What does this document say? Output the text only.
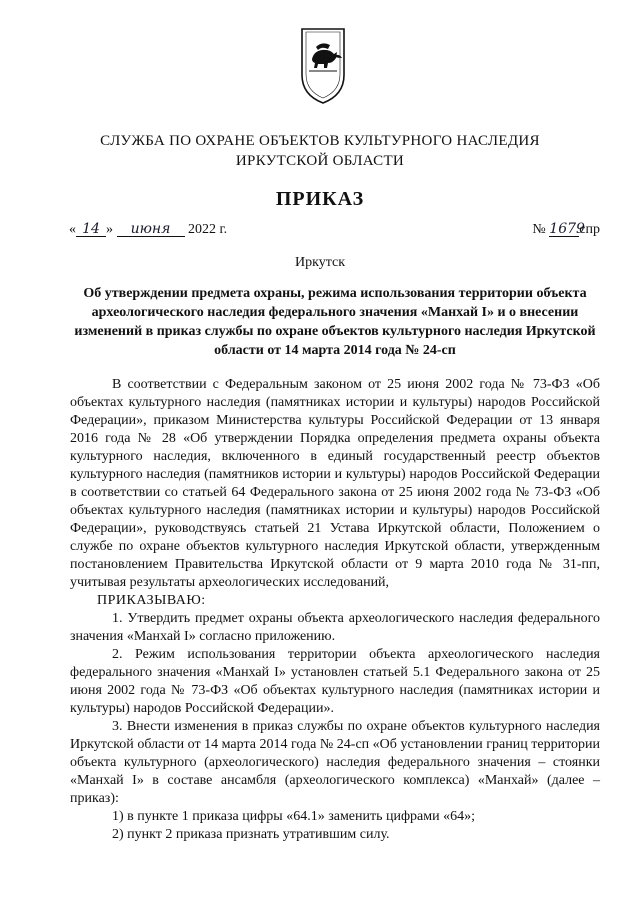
СЛУЖБА ПО ОХРАНЕ ОБЪЕКТОВ КУЛЬТУРНОГО НАСЛЕДИЯ
ИРКУТСКОЙ ОБЛАСТИ
ПРИКАЗ
« 14 » июня 2022 г.	№ 1679спр
Иркутск
Об утверждении предмета охраны, режима использования территории объекта археологического наследия федерального значения «Манхай I» и о внесении изменений в приказ службы по охране объектов культурного наследия Иркутской области от 14 марта 2014 года № 24-сп

В соответствии с Федеральным законом от 25 июня 2002 года № 73-ФЗ «Об объектах культурного наследия (памятниках истории и культуры) народов Российской Федерации», приказом Министерства культуры Российской Федерации от 13 января 2016 года № 28 «Об утверждении Порядка определения предмета охраны объекта культурного наследия, включенного в единый государственный реестр объектов культурного наследия (памятников истории и культуры) народов Российской Федерации в соответствии со статьей 64 Федерального закона от 25 июня 2002 года № 73-ФЗ «Об объектах культурного наследия (памятниках истории и культуры) народов Российской Федерации», руководствуясь статьей 21 Устава Иркутской области, Положением о службе по охране объектов культурного наследия Иркутской области, утвержденным постановлением Правительства Иркутской области от 9 марта 2010 года № 31-пп, учитывая результаты археологических исследований,

ПРИКАЗЫВАЮ:

1. Утвердить предмет охраны объекта археологического наследия федерального значения «Манхай I» согласно приложению.

2. Режим использования территории объекта археологического наследия федерального значения «Манхай I» установлен статьей 5.1 Федерального закона от 25 июня 2002 года № 73-ФЗ «Об объектах культурного наследия (памятниках истории и культуры) народов Российской Федерации».

3. Внести изменения в приказ службы по охране объектов культурного наследия Иркутской области от 14 марта 2014 года № 24-сп «Об установлении границ территории объекта культурного (археологического) наследия федерального значения – стоянки «Манхай I» в составе ансамбля (археологического комплекса) «Манхай» (далее – приказ):

1) в пункте 1 приказа цифры «64.1» заменить цифрами «64»;

2) пункт 2 приказа признать утратившим силу.
